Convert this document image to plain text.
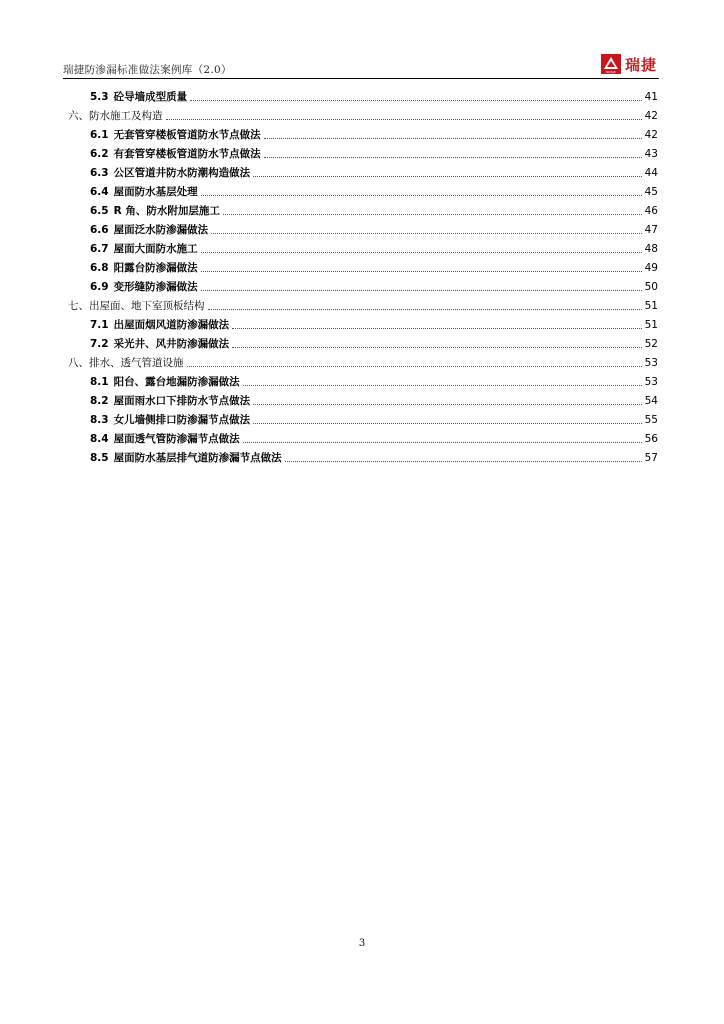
瑞捷防渗漏标准做法案例库（2.0）	RIDGE 瑞捷
5.3 砼导墙成型质量	41
六、防水施工及构造	42
6.1 无套管穿楼板管道防水节点做法	42
6.2 有套管穿楼板管道防水节点做法	43
6.3 公区管道井防水防潮构造做法	44
6.4 屋面防水基层处理	45
6.5 R 角、防水附加层施工	46
6.6 屋面泛水防渗漏做法	47
6.7 屋面大面防水施工	48
6.8 阳露台防渗漏做法	49
6.9 变形缝防渗漏做法	50
七、出屋面、地下室顶板结构	51
7.1 出屋面烟风道防渗漏做法	51
7.2 采光井、风井防渗漏做法	52
八、排水、透气管道设施	53
8.1 阳台、露台地漏防渗漏做法	53
8.2 屋面雨水口下排防水节点做法	54
8.3 女儿墙侧排口防渗漏节点做法	55
8.4 屋面透气管防渗漏节点做法	56
8.5 屋面防水基层排气道防渗漏节点做法	57
3
